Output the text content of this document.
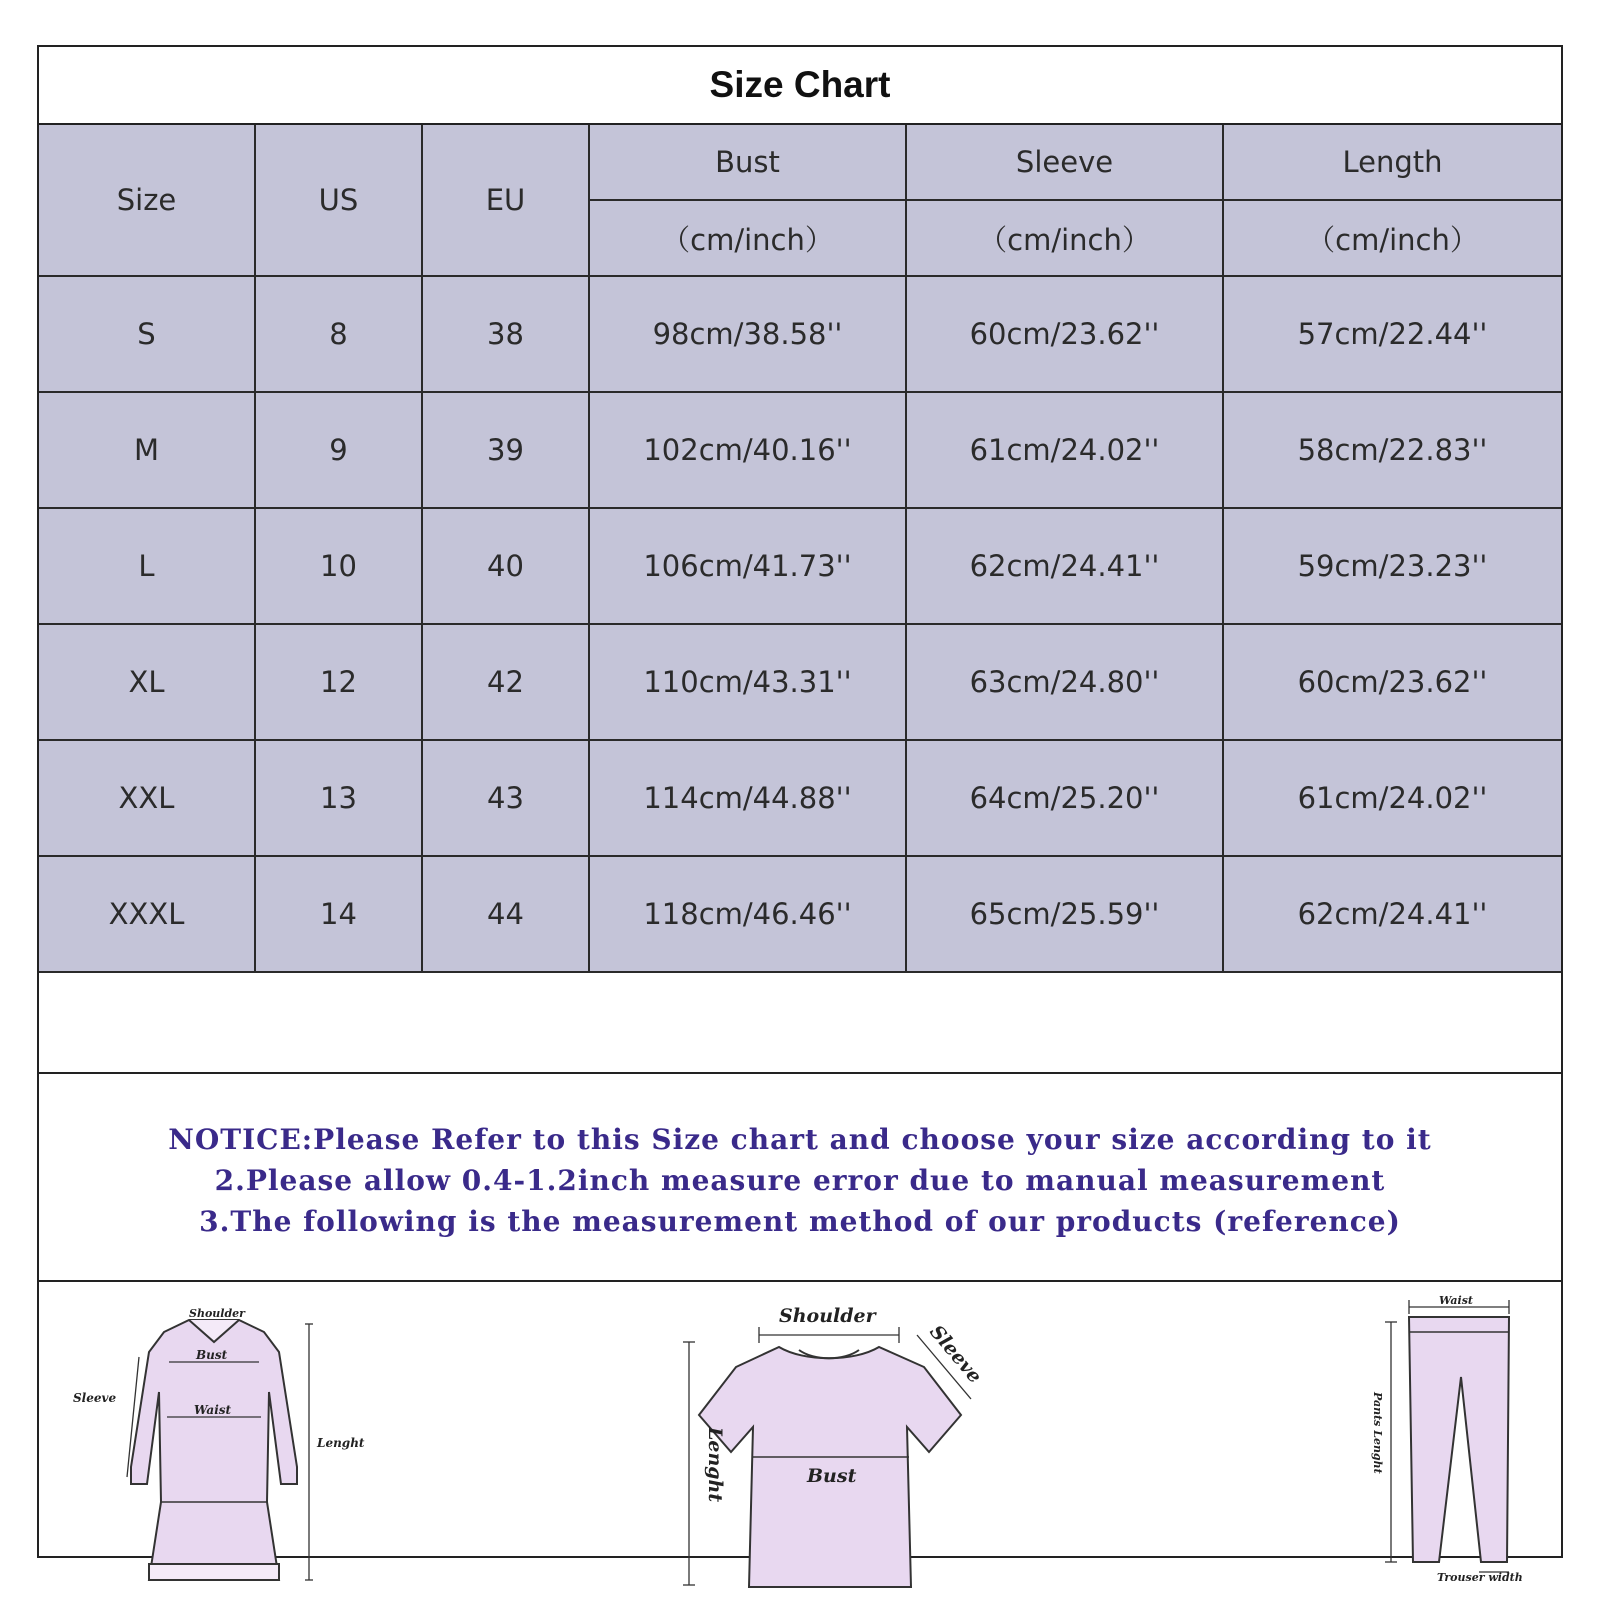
Size Chart
Size	US	EU	Bust	Sleeve	Length
			（cm/inch）	（cm/inch）	（cm/inch）
S	8	38	98cm/38.58''	60cm/23.62''	57cm/22.44''
M	9	39	102cm/40.16''	61cm/24.02''	58cm/22.83''
L	10	40	106cm/41.73''	62cm/24.41''	59cm/23.23''
XL	12	42	110cm/43.31''	63cm/24.80''	60cm/23.62''
XXL	13	43	114cm/44.88''	64cm/25.20''	61cm/24.02''
XXXL	14	44	118cm/46.46''	65cm/25.59''	62cm/24.41''
NOTICE:Please Refer to this Size chart and choose your size according to it
2.Please allow 0.4-1.2inch measure error due to manual measurement
3.The following is the measurement method of our products (reference)
Shoulder
Bust
Sleeve
Waist
Lenght
Shoulder
Sleeve
Bust
Lenght
Waist
Pants Lenght
Trouser width
